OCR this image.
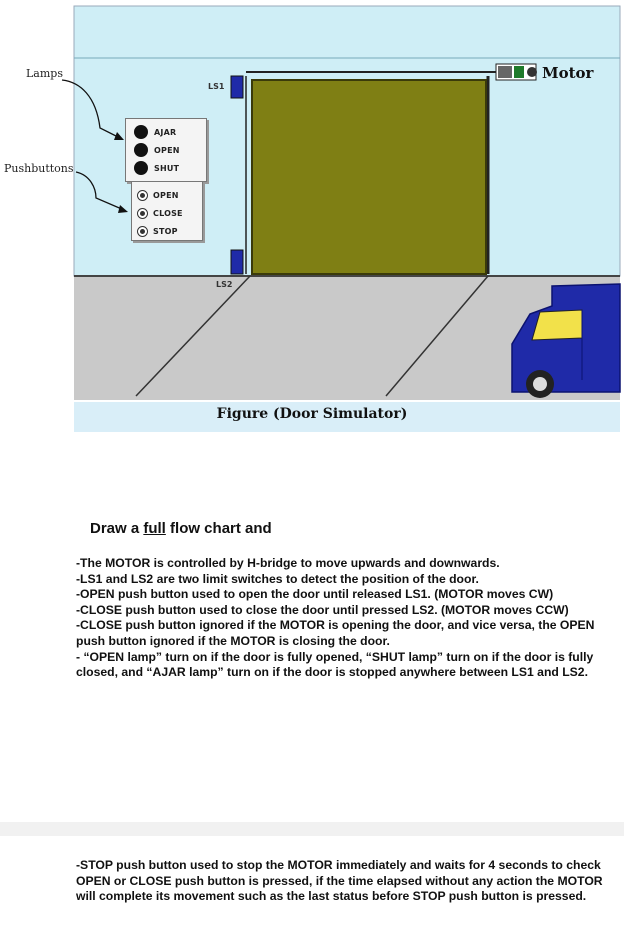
Lamps
Pushbuttons
AJAR
OPEN
SHUT
OPEN
CLOSE
STOP
LS1
LS2
Motor
Figure (Door Simulator)
Draw a full flow chart and

-The MOTOR is controlled by H-bridge to move upwards and downwards.

-LS1 and LS2 are two limit switches to detect the position of the door.

-OPEN push button used to open the door until released LS1. (MOTOR moves CW)

-CLOSE push button used to close the door until pressed LS2. (MOTOR moves CCW)

-CLOSE push button ignored if the MOTOR is opening the door, and vice versa, the OPEN push button ignored if the MOTOR is closing the door.

- “OPEN lamp” turn on if the door is fully opened, “SHUT lamp” turn on if the door is fully closed, and “AJAR lamp” turn on if the door is stopped anywhere between LS1 and LS2.

-STOP push button used to stop the MOTOR immediately and waits for 4 seconds to check OPEN or CLOSE push button is pressed, if the time elapsed without any action the MOTOR will complete its movement such as the last status before STOP push button is pressed.
